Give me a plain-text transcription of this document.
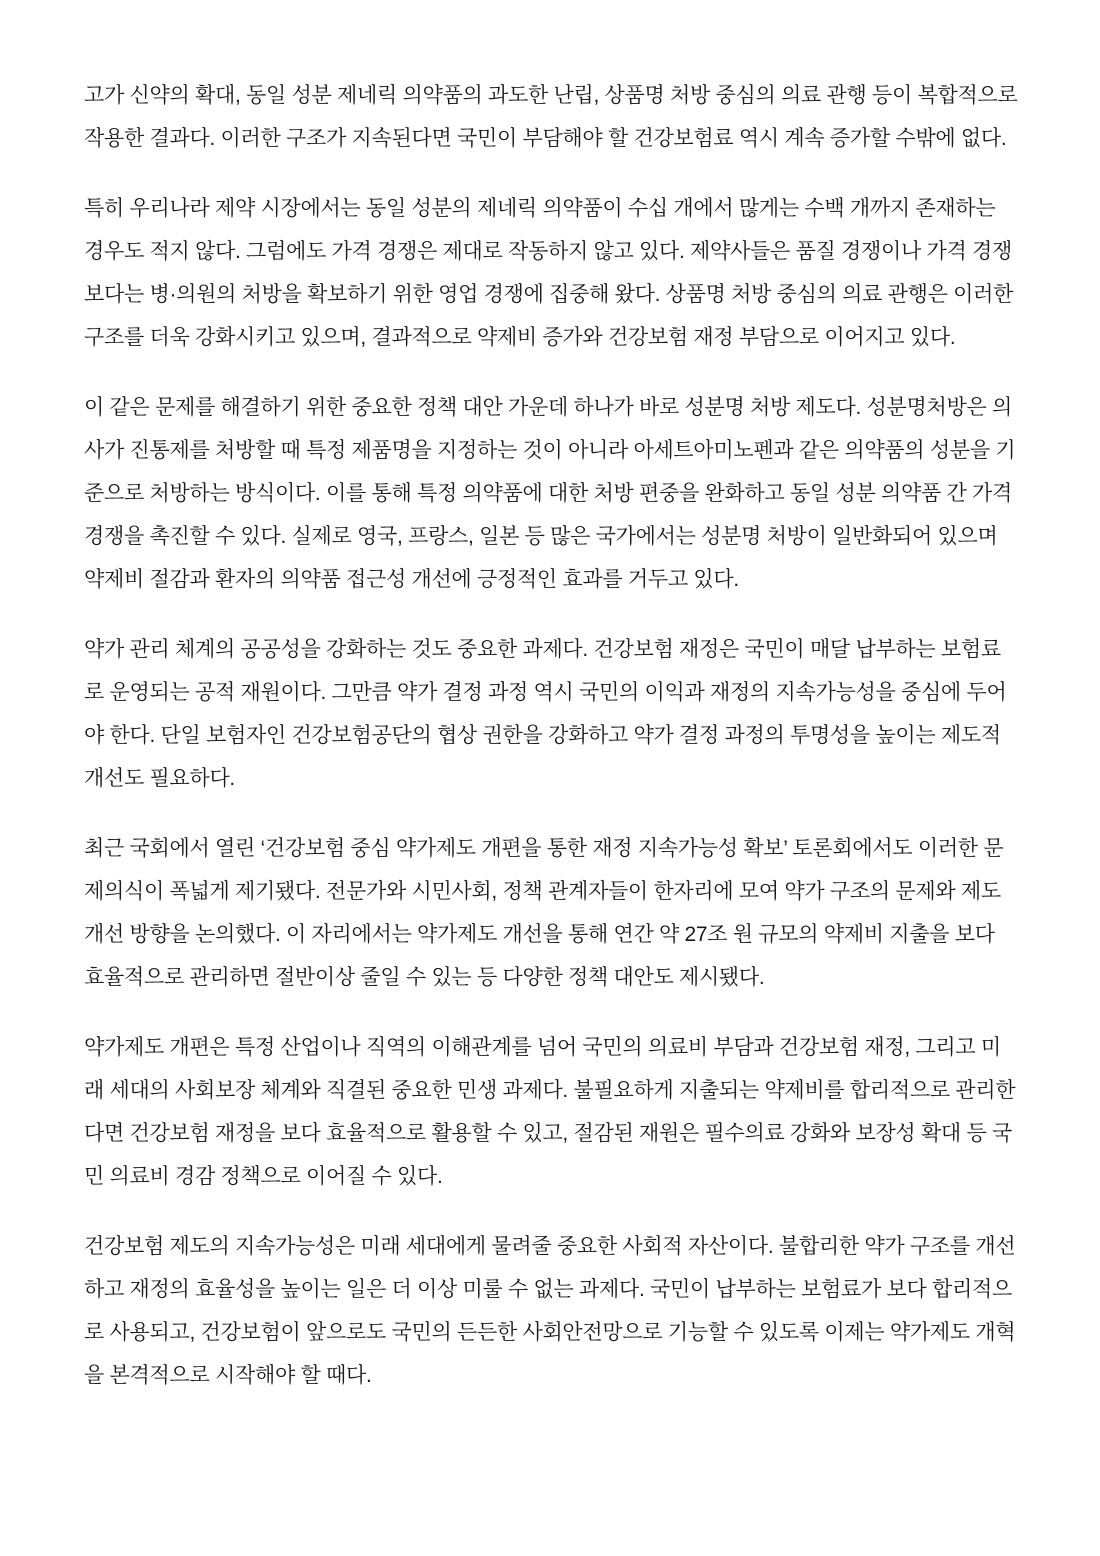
고가 신약의 확대, 동일 성분 제네릭 의약품의 과도한 난립, 상품명 처방 중심의 의료 관행 등이 복합적으로 작용한 결과다. 이러한 구조가 지속된다면 국민이 부담해야 할 건강보험료 역시 계속 증가할 수밖에 없다.

특히 우리나라 제약 시장에서는 동일 성분의 제네릭 의약품이 수십 개에서 많게는 수백 개까지 존재하는 경우도 적지 않다. 그럼에도 가격 경쟁은 제대로 작동하지 않고 있다. 제약사들은 품질 경쟁이나 가격 경쟁보다는 병·의원의 처방을 확보하기 위한 영업 경쟁에 집중해 왔다. 상품명 처방 중심의 의료 관행은 이러한 구조를 더욱 강화시키고 있으며, 결과적으로 약제비 증가와 건강보험 재정 부담으로 이어지고 있다.

이 같은 문제를 해결하기 위한 중요한 정책 대안 가운데 하나가 바로 성분명 처방 제도다. 성분명처방은 의사가 진통제를 처방할 때 특정 제품명을 지정하는 것이 아니라 아세트아미노펜과 같은 의약품의 성분을 기준으로 처방하는 방식이다. 이를 통해 특정 의약품에 대한 처방 편중을 완화하고 동일 성분 의약품 간 가격 경쟁을 촉진할 수 있다. 실제로 영국, 프랑스, 일본 등 많은 국가에서는 성분명 처방이 일반화되어 있으며 약제비 절감과 환자의 의약품 접근성 개선에 긍정적인 효과를 거두고 있다.

약가 관리 체계의 공공성을 강화하는 것도 중요한 과제다. 건강보험 재정은 국민이 매달 납부하는 보험료로 운영되는 공적 재원이다. 그만큼 약가 결정 과정 역시 국민의 이익과 재정의 지속가능성을 중심에 두어야 한다. 단일 보험자인 건강보험공단의 협상 권한을 강화하고 약가 결정 과정의 투명성을 높이는 제도적 개선도 필요하다.

최근 국회에서 열린 ‘건강보험 중심 약가제도 개편을 통한 재정 지속가능성 확보’ 토론회에서도 이러한 문제의식이 폭넓게 제기됐다. 전문가와 시민사회, 정책 관계자들이 한자리에 모여 약가 구조의 문제와 제도 개선 방향을 논의했다. 이 자리에서는 약가제도 개선을 통해 연간 약 27조 원 규모의 약제비 지출을 보다 효율적으로 관리하면 절반이상 줄일 수 있는 등 다양한 정책 대안도 제시됐다.

약가제도 개편은 특정 산업이나 직역의 이해관계를 넘어 국민의 의료비 부담과 건강보험 재정, 그리고 미래 세대의 사회보장 체계와 직결된 중요한 민생 과제다. 불필요하게 지출되는 약제비를 합리적으로 관리한다면 건강보험 재정을 보다 효율적으로 활용할 수 있고, 절감된 재원은 필수의료 강화와 보장성 확대 등 국민 의료비 경감 정책으로 이어질 수 있다.

건강보험 제도의 지속가능성은 미래 세대에게 물려줄 중요한 사회적 자산이다. 불합리한 약가 구조를 개선하고 재정의 효율성을 높이는 일은 더 이상 미룰 수 없는 과제다. 국민이 납부하는 보험료가 보다 합리적으로 사용되고, 건강보험이 앞으로도 국민의 든든한 사회안전망으로 기능할 수 있도록 이제는 약가제도 개혁을 본격적으로 시작해야 할 때다.
